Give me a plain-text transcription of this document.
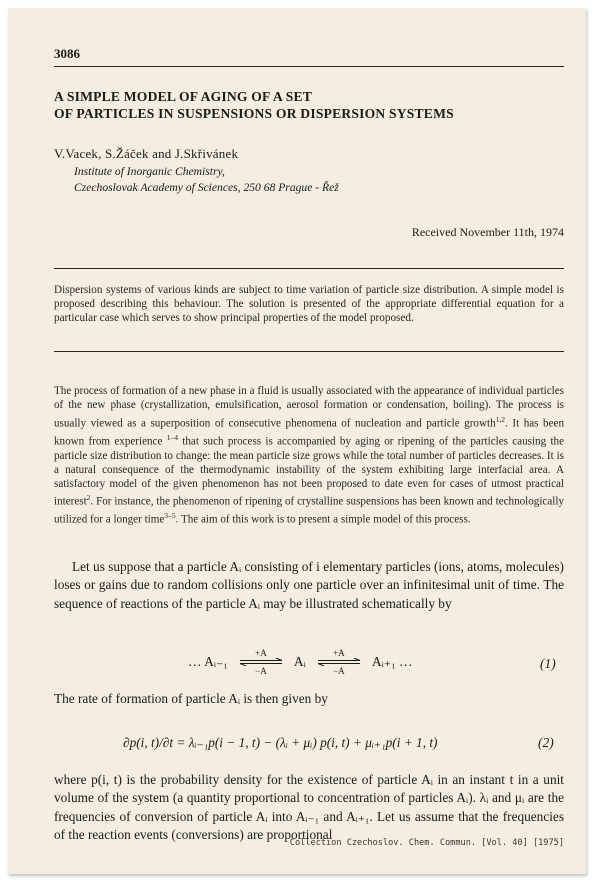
3086
A SIMPLE MODEL OF AGING OF A SET
OF PARTICLES IN SUSPENSIONS OR DISPERSION SYSTEMS
V.Vacek, S.Žáček and J.Skřivánek
Institute of Inorganic Chemistry,
Czechoslovak Academy of Sciences, 250 68 Prague - Řež
Received November 11th, 1974
Dispersion systems of various kinds are subject to time variation of particle size distribution. A simple model is proposed describing this behaviour. The solution is presented of the appropriate differential equation for a particular case which serves to show principal properties of the model proposed.

The process of formation of a new phase in a fluid is usually associated with the appearance of individual particles of the new phase (crystallization, emulsification, aerosol formation or condensation, boiling). The process is usually viewed as a superposition of consecutive phenomena of nucleation and particle growth$^{1,2}$. It has been known from experience $^{1-4}$ that such process is accompanied by aging or ripening of the particles causing the particle size distribution to change: the mean particle size grows while the total number of particles decreases. It is a natural consequence of the thermodynamic instability of the system exhibiting large interfacial area. A satisfactory model of the given phenomenon has not been proposed to date even for cases of utmost practical interest$^2$. For instance, the phenomenon of ripening of crystalline suspensions has been known and technologically utilized for a longer time$^{3-5}$. The aim of this work is to present a simple model of this process.

Let us suppose that a particle Aᵢ consisting of i elementary particles (ions, atoms, molecules) loses or gains due to random collisions only one particle over an infinitesimal unit of time. The sequence of reactions of the particle Aᵢ may be illustrated schematically by

… Aᵢ₋₁
+A
−A
Aᵢ
+A
−A
Aᵢ₊₁ …	(1)

The rate of formation of particle Aᵢ is then given by

∂p(i, t)/∂t = λᵢ₋₁p(i − 1, t) − (λᵢ + μᵢ) p(i, t) + μᵢ₊₁p(i + 1, t)	(2)

where p(i, t) is the probability density for the existence of particle Aᵢ in an instant t in a unit volume of the system (a quantity proportional to concentration of particles Aᵢ). λᵢ and μᵢ are the frequencies of conversion of particle Aᵢ into Aᵢ₋₁ and Aᵢ₊₁. Let us assume that the frequencies of the reaction events (conversions) are proportional

Collection Czechoslov. Chem. Commun. [Vol. 40] [1975]
